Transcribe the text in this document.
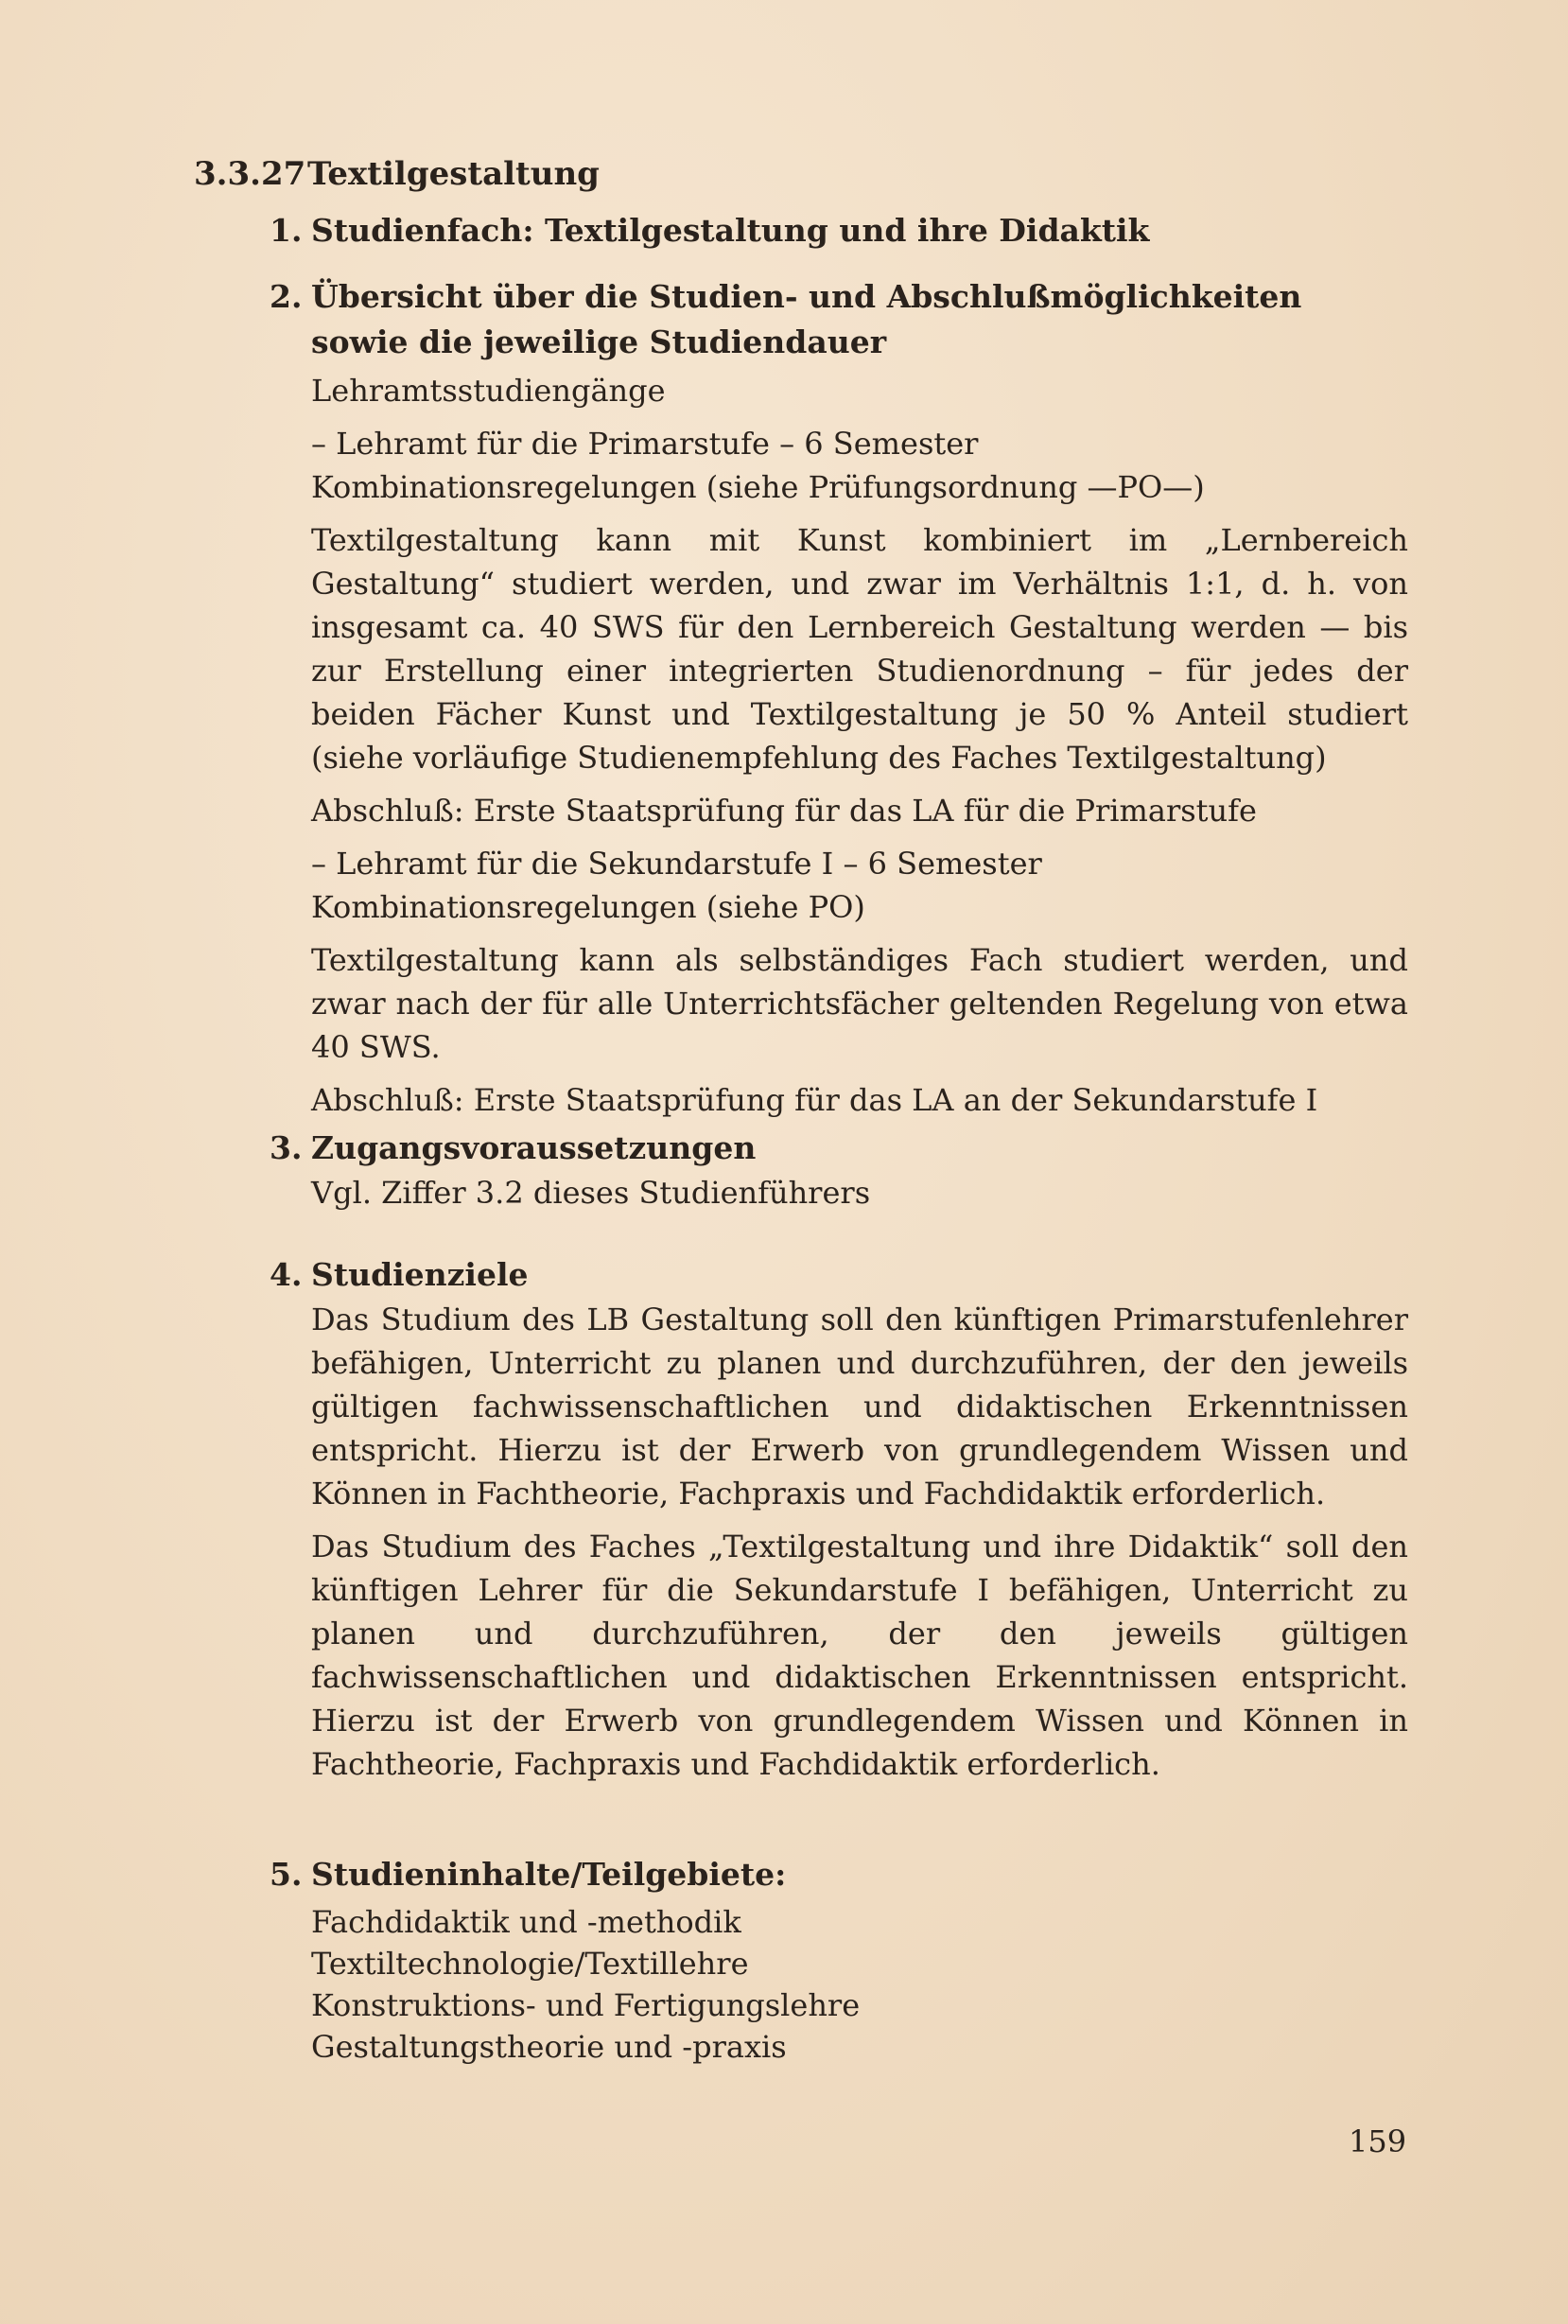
3.3.27Textilgestaltung
1. Studienfach: Textilgestaltung und ihre Didaktik
2. Übersicht über die Studien- und Abschlußmöglichkeiten sowie die jeweilige Studiendauer

Lehramtsstudiengänge

– Lehramt für die Primarstufe – 6 Semester

Kombinationsregelungen (siehe Prüfungsordnung —PO—)

Textilgestaltung kann mit Kunst kombiniert im „Lernbereich Gestaltung“ studiert werden, und zwar im Verhältnis 1:1, d. h. von insgesamt ca. 40 SWS für den Lernbereich Gestaltung werden — bis zur Erstellung einer integrierten Studienordnung – für jedes der beiden Fächer Kunst und Textilgestaltung je 50 % Anteil studiert (siehe vorläufige Studienempfehlung des Faches Textilgestaltung)

Abschluß: Erste Staatsprüfung für das LA für die Primarstufe

– Lehramt für die Sekundarstufe I – 6 Semester

Kombinationsregelungen (siehe PO)

Textilgestaltung kann als selbständiges Fach studiert werden, und zwar nach der für alle Unterrichtsfächer geltenden Regelung von etwa 40 SWS.

Abschluß: Erste Staatsprüfung für das LA an der Sekundarstufe I

3. Zugangsvoraussetzungen

Vgl. Ziffer 3.2 dieses Studienführers

4. Studienziele

Das Studium des LB Gestaltung soll den künftigen Primarstufenlehrer befähigen, Unterricht zu planen und durchzuführen, der den jeweils gültigen fachwissenschaftlichen und didaktischen Erkenntnissen entspricht. Hierzu ist der Erwerb von grundlegendem Wissen und Können in Fachtheorie, Fachpraxis und Fachdidaktik erforderlich.

Das Studium des Faches „Textilgestaltung und ihre Didaktik“ soll den künftigen Lehrer für die Sekundarstufe I befähigen, Unterricht zu planen und durchzuführen, der den jeweils gültigen fachwissenschaftlichen und didaktischen Erkenntnissen entspricht. Hierzu ist der Erwerb von grundlegendem Wissen und Können in Fachtheorie, Fachpraxis und Fachdidaktik erforderlich.

5. Studieninhalte/Teilgebiete:

Fachdidaktik und -methodik

Textiltechnologie/Textillehre

Konstruktions- und Fertigungslehre

Gestaltungstheorie und -praxis

159
